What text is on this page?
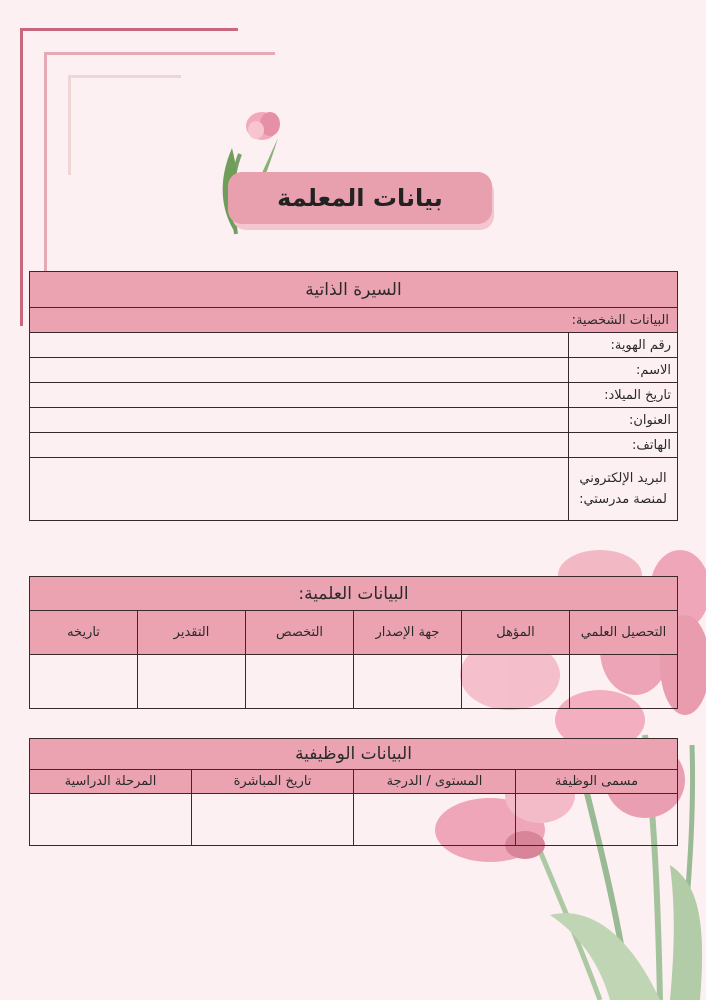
بيانات المعلمة
السيرة الذاتية	
البيانات الشخصية:	
رقم الهوية:	
الاسم:	
تاريخ الميلاد:	
العنوان:	
الهاتف:	
البريد الإلكتروني لمنصة مدرستي:	
البيانات العلمية:					
التحصيل العلمي	المؤهل	جهة الإصدار	التخصص	التقدير	تاريخه

البيانات الوظيفية			
مسمى الوظيفة	المستوى / الدرجة	تاريخ المباشرة	المرحلة الدراسية
